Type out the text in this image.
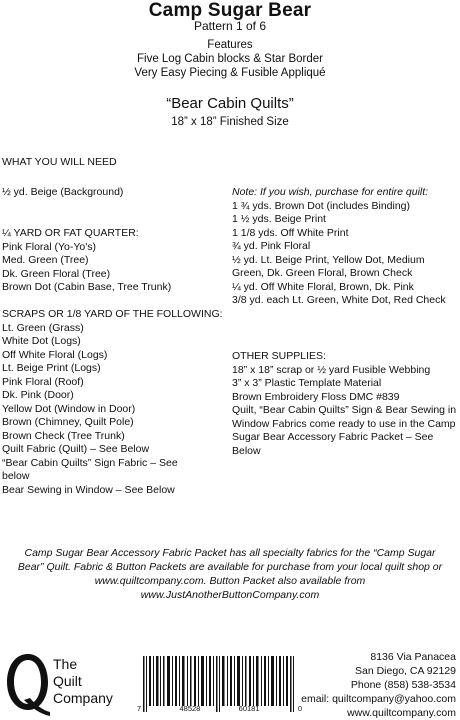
Camp Sugar Bear
Pattern 1 of 6
Features
Five Log Cabin blocks & Star Border
Very Easy Piecing & Fusible Appliqué
“Bear Cabin Quilts”
18” x 18” Finished Size
WHAT YOU WILL NEED
½ yd. Beige (Background)
¼ YARD OR FAT QUARTER:
Pink Floral (Yo-Yo's)
Med. Green (Tree)
Dk. Green Floral (Tree)
Brown Dot (Cabin Base, Tree Trunk)
SCRAPS OR 1/8 YARD OF THE FOLLOWING:
Lt. Green (Grass)
White Dot (Logs)
Off White Floral (Logs)
Lt. Beige Print (Logs)
Pink Floral (Roof)
Dk. Pink (Door)
Yellow Dot (Window in Door)
Brown (Chimney, Quilt Pole)
Brown Check (Tree Trunk)
Quilt Fabric (Quilt) – See Below
“Bear Cabin Quilts” Sign Fabric – See
below
Bear Sewing in Window – See Below
Note: If you wish, purchase for entire quilt:
1 ¾ yds. Brown Dot (includes Binding)
1 ½ yds. Beige Print
1 1/8 yds. Off White Print
¾ yd. Pink Floral
½ yd. Lt. Beige Print, Yellow Dot, Medium Green, Dk. Green Floral, Brown Check
¼ yd. Off White Floral, Brown, Dk. Pink
3/8 yd. each Lt. Green, White Dot, Red Check
OTHER SUPPLIES:
18” x 18” scrap or ½ yard Fusible Webbing
3” x 3” Plastic Template Material
Brown Embroidery Floss DMC #839
Quilt, “Bear Cabin Quilts” Sign & Bear Sewing in Window Fabrics come ready to use in the Camp Sugar Bear Accessory Fabric Packet – See Below
Camp Sugar Bear Accessory Fabric Packet has all specialty fabrics for the “Camp Sugar Bear” Quilt. Fabric & Button Packets are available for purchase from your local quilt shop or www.quiltcompany.com. Button Packet also available from www.JustAnotherButtonCompany.com
The
Quilt
Company
7	48528	60181	0
8136 Via Panacea
San Diego, CA 92129
Phone (858) 538-3534
email: quiltcompany@yahoo.com
www.quiltcompany.com
